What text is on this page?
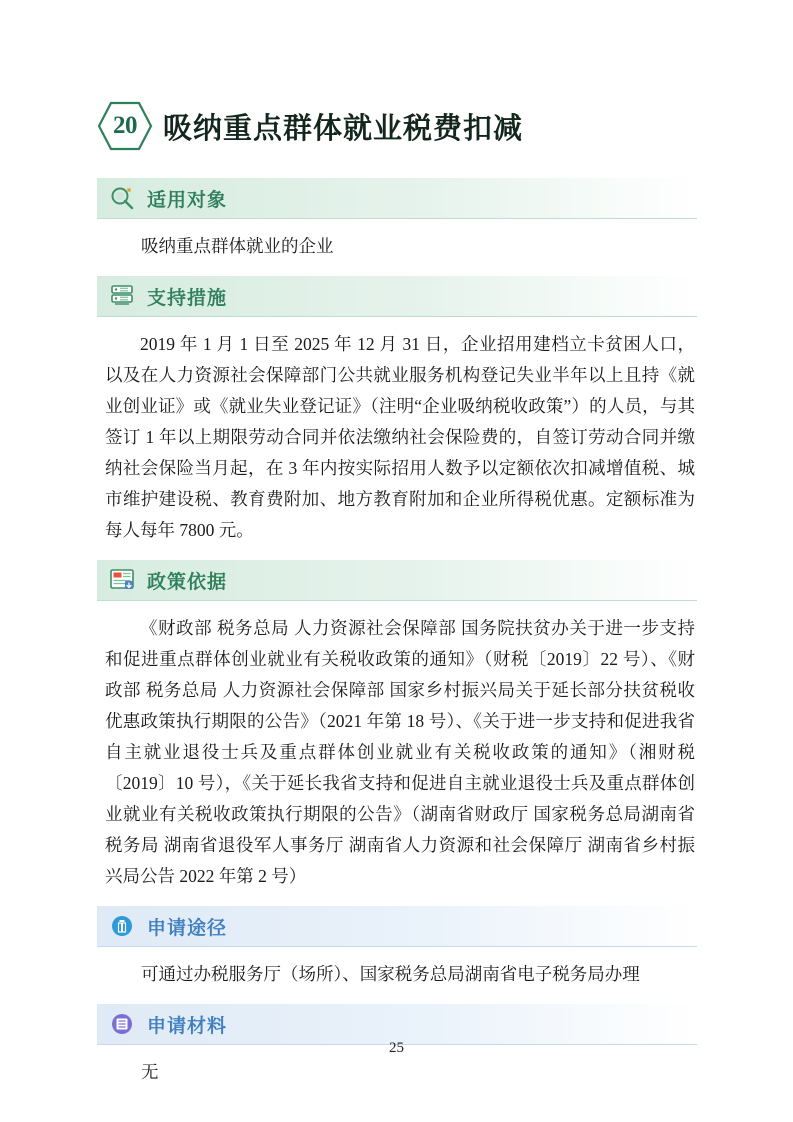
20 吸纳重点群体就业税费扣减
适用对象
吸纳重点群体就业的企业
支持措施
2019 年 1 月 1 日至 2025 年 12 月 31 日，企业招用建档立卡贫困人口，以及在人力资源社会保障部门公共就业服务机构登记失业半年以上且持《就业创业证》或《就业失业登记证》（注明“企业吸纳税收政策”）的人员，与其签订 1 年以上期限劳动合同并依法缴纳社会保险费的，自签订劳动合同并缴纳社会保险当月起，在 3 年内按实际招用人数予以定额依次扣减增值税、城市维护建设税、教育费附加、地方教育附加和企业所得税优惠。定额标准为每人每年 7800 元。
政策依据
《财政部 税务总局 人力资源社会保障部 国务院扶贫办关于进一步支持和促进重点群体创业就业有关税收政策的通知》（财税〔2019〕22 号）、《财政部 税务总局 人力资源社会保障部 国家乡村振兴局关于延长部分扶贫税收优惠政策执行期限的公告》（2021 年第 18 号）、《关于进一步支持和促进我省自主就业退役士兵及重点群体创业就业有关税收政策的通知》（湘财税〔2019〕10 号），《关于延长我省支持和促进自主就业退役士兵及重点群体创业就业有关税收政策执行期限的公告》（湖南省财政厅 国家税务总局湖南省税务局 湖南省退役军人事务厅 湖南省人力资源和社会保障厅 湖南省乡村振兴局公告 2022 年第 2 号）
申请途径
可通过办税服务厅（场所）、国家税务总局湖南省电子税务局办理
申请材料
无
25
